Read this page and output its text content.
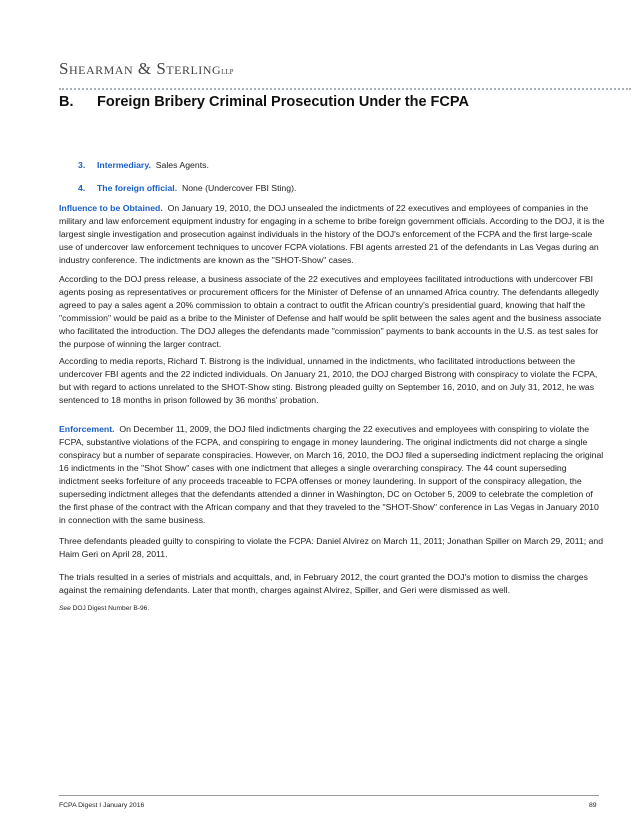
Shearman & SterlingLLP
B. Foreign Bribery Criminal Prosecution Under the FCPA
3. Intermediary. Sales Agents.
4. The foreign official. None (Undercover FBI Sting).

Influence to be Obtained. On January 19, 2010, the DOJ unsealed the indictments of 22 executives and employees of companies in the military and law enforcement equipment industry for engaging in a scheme to bribe foreign government officials. According to the DOJ, it is the largest single investigation and prosecution against individuals in the history of the DOJ's enforcement of the FCPA and the first large-scale use of undercover law enforcement techniques to uncover FCPA violations. FBI agents arrested 21 of the defendants in Las Vegas during an industry conference. The indictments are known as the "SHOT-Show" cases.

According to the DOJ press release, a business associate of the 22 executives and employees facilitated introductions with undercover FBI agents posing as representatives or procurement officers for the Minister of Defense of an unnamed Africa country. The defendants allegedly agreed to pay a sales agent a 20% commission to obtain a contract to outfit the African country's presidential guard, knowing that half the "commission" would be paid as a bribe to the Minister of Defense and half would be split between the sales agent and the business associate who facilitated the introduction. The DOJ alleges the defendants made "commission" payments to bank accounts in the U.S. as test sales for the purpose of winning the larger contract.

According to media reports, Richard T. Bistrong is the individual, unnamed in the indictments, who facilitated introductions between the undercover FBI agents and the 22 indicted individuals. On January 21, 2010, the DOJ charged Bistrong with conspiracy to violate the FCPA, but with regard to actions unrelated to the SHOT-Show sting. Bistrong pleaded guilty on September 16, 2010, and on July 31, 2012, he was sentenced to 18 months in prison followed by 36 months' probation.

Enforcement. On December 11, 2009, the DOJ filed indictments charging the 22 executives and employees with conspiring to violate the FCPA, substantive violations of the FCPA, and conspiring to engage in money laundering. The original indictments did not charge a single conspiracy but a number of separate conspiracies. However, on March 16, 2010, the DOJ filed a superseding indictment replacing the original 16 indictments in the "Shot Show" cases with one indictment that alleges a single overarching conspiracy. The 44 count superseding indictment seeks forfeiture of any proceeds traceable to FCPA offenses or money laundering. In support of the conspiracy allegation, the superseding indictment alleges that the defendants attended a dinner in Washington, DC on October 5, 2009 to celebrate the completion of the first phase of the contract with the African company and that they traveled to the "SHOT-Show" conference in Las Vegas in January 2010 in connection with the same business.

Three defendants pleaded guilty to conspiring to violate the FCPA: Daniel Alvirez on March 11, 2011; Jonathan Spiller on March 29, 2011; and Haim Geri on April 28, 2011.

The trials resulted in a series of mistrials and acquittals, and, in February 2012, the court granted the DOJ's motion to dismiss the charges against the remaining defendants. Later that month, charges against Alvirez, Spiller, and Geri were dismissed as well.

See DOJ Digest Number B-96.

FCPA Digest I January 2016	89
